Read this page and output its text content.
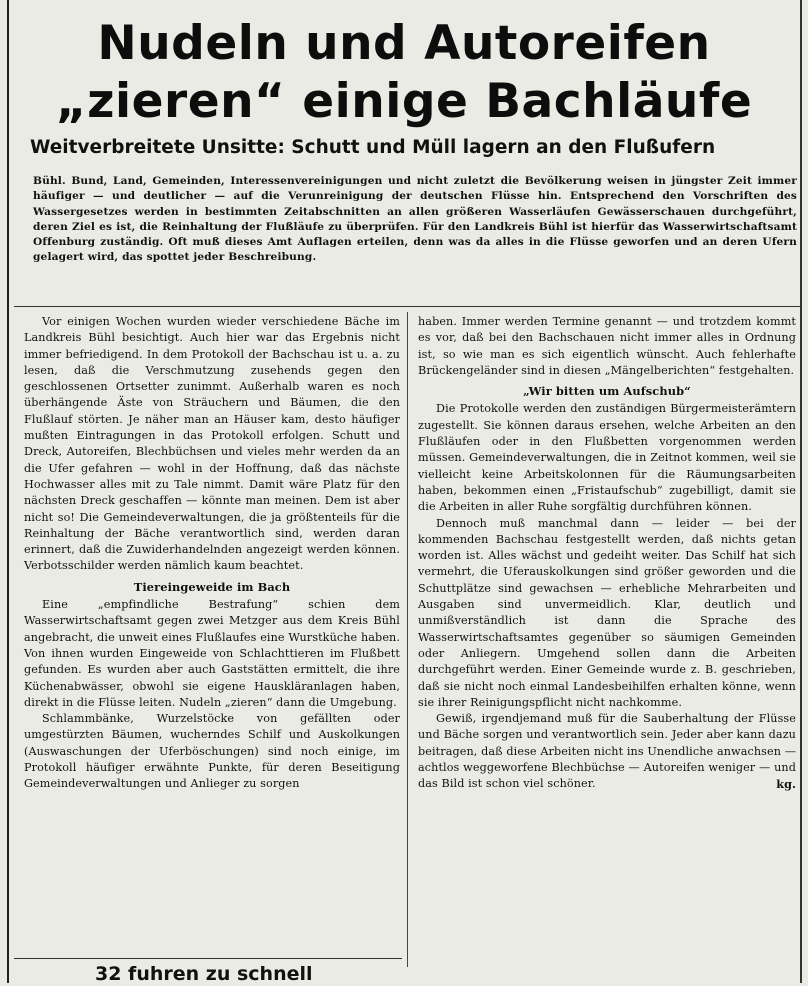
Nudeln und Autoreifen
„zieren“ einige Bachläufe
Weitverbreitete Unsitte: Schutt und Müll lagern an den Flußufern
Bühl. Bund, Land, Gemeinden, Interessenvereinigungen und nicht zuletzt die Bevölkerung weisen in jüngster Zeit immer häufiger — und deutlicher — auf die Verunreinigung der deutschen Flüsse hin. Entsprechend den Vorschriften des Wassergesetzes werden in bestimmten Zeitabschnitten an allen größeren Wasserläufen Gewässerschauen durchgeführt, deren Ziel es ist, die Reinhaltung der Flußläufe zu überprüfen. Für den Landkreis Bühl ist hierfür das Wasserwirtschaftsamt Offenburg zuständig. Oft muß dieses Amt Auflagen erteilen, denn was da alles in die Flüsse geworfen und an deren Ufern gelagert wird, das spottet jeder Beschreibung.

Vor einigen Wochen wurden wieder verschiedene Bäche im Landkreis Bühl besichtigt. Auch hier war das Ergebnis nicht immer befriedigend. In dem Protokoll der Bachschau ist u. a. zu lesen, daß die Verschmutzung zusehends gegen den geschlossenen Ortsetter zunimmt. Außerhalb waren es noch überhängende Äste von Sträuchern und Bäumen, die den Flußlauf störten. Je näher man an Häuser kam, desto häufiger mußten Eintragungen in das Protokoll erfolgen. Schutt und Dreck, Autoreifen, Blechbüchsen und vieles mehr werden da an die Ufer gefahren — wohl in der Hoffnung, daß das nächste Hochwasser alles mit zu Tale nimmt. Damit wäre Platz für den nächsten Dreck geschaffen — könnte man meinen. Dem ist aber nicht so! Die Gemeindeverwaltungen, die ja größtenteils für die Reinhaltung der Bäche verantwortlich sind, werden daran erinnert, daß die Zuwiderhandelnden angezeigt werden können. Verbotsschilder werden nämlich kaum beachtet.

Tiereingeweide im Bach

Eine „empfindliche Bestrafung“ schien dem Wasserwirtschaftsamt gegen zwei Metzger aus dem Kreis Bühl angebracht, die unweit eines Flußlaufes eine Wurstküche haben. Von ihnen wurden Eingeweide von Schlachttieren im Flußbett gefunden. Es wurden aber auch Gaststätten ermittelt, die ihre Küchenabwässer, obwohl sie eigene Hauskläranlagen haben, direkt in die Flüsse leiten. Nudeln „zieren“ dann die Umgebung.

Schlammbänke, Wurzelstöcke von gefällten oder umgestürzten Bäumen, wucherndes Schilf und Auskolkungen (Auswaschungen der Uferböschungen) sind noch einige, im Protokoll häufiger erwähnte Punkte, für deren Beseitigung Gemeindeverwaltungen und Anlieger zu sorgen

haben. Immer werden Termine genannt — und trotzdem kommt es vor, daß bei den Bachschauen nicht immer alles in Ordnung ist, so wie man es sich eigentlich wünscht. Auch fehlerhafte Brückengeländer sind in diesen „Mängelberichten“ festgehalten.

„Wir bitten um Aufschub“

Die Protokolle werden den zuständigen Bürgermeisterämtern zugestellt. Sie können daraus ersehen, welche Arbeiten an den Flußläufen oder in den Flußbetten vorgenommen werden müssen. Gemeindeverwaltungen, die in Zeitnot kommen, weil sie vielleicht keine Arbeitskolonnen für die Räumungsarbeiten haben, bekommen einen „Fristaufschub“ zugebilligt, damit sie die Arbeiten in aller Ruhe sorgfältig durchführen können.

Dennoch muß manchmal dann — leider — bei der kommenden Bachschau festgestellt werden, daß nichts getan worden ist. Alles wächst und gedeiht weiter. Das Schilf hat sich vermehrt, die Uferauskolkungen sind größer geworden und die Schuttplätze sind gewachsen — erhebliche Mehrarbeiten und Ausgaben sind unvermeidlich. Klar, deutlich und unmißverständlich ist dann die Sprache des Wasserwirtschaftsamtes gegenüber so säumigen Gemeinden oder Anliegern. Umgehend sollen dann die Arbeiten durchgeführt werden. Einer Gemeinde wurde z. B. geschrieben, daß sie nicht noch einmal Landesbeihilfen erhalten könne, wenn sie ihrer Reinigungspflicht nicht nachkomme.

Gewiß, irgendjemand muß für die Sauberhaltung der Flüsse und Bäche sorgen und verantwortlich sein. Jeder aber kann dazu beitragen, daß diese Arbeiten nicht ins Unendliche anwachsen — achtlos weggeworfene Blechbüchse — Autoreifen weniger — und das Bild ist schon viel schöner.	kg.

32 fuhren zu schnell
